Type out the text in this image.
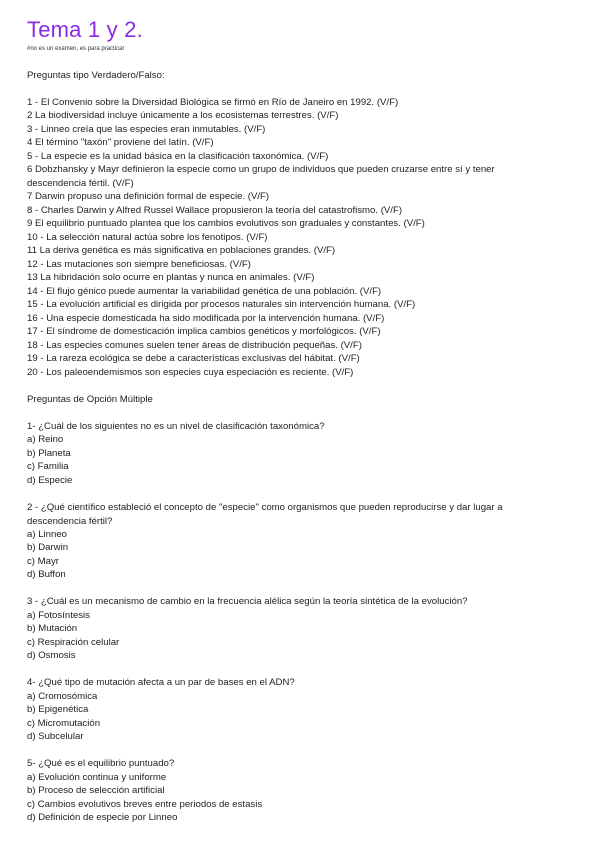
Tema 1 y 2.
#no es un examen, es para practicar
Preguntas tipo Verdadero/Falso:
1 - El Convenio sobre la Diversidad Biológica se firmó en Río de Janeiro en 1992. (V/F)
2 La biodiversidad incluye únicamente a los ecosistemas terrestres. (V/F)
3 - Linneo creía que las especies eran inmutables. (V/F)
4 El término "taxón" proviene del latín. (V/F)
5 - La especie es la unidad básica en la clasificación taxonómica. (V/F)
6 Dobzhansky y Mayr definieron la especie como un grupo de individuos que pueden cruzarse entre sí y tener descendencia fértil. (V/F)
7 Darwin propuso una definición formal de especie. (V/F)
8 - Charles Darwin y Alfred Russel Wallace propusieron la teoría del catastrofismo. (V/F)
9 El equilibrio puntuado plantea que los cambios evolutivos son graduales y constantes. (V/F)
10 - La selección natural actúa sobre los fenotipos. (V/F)
11 La deriva genética es más significativa en poblaciones grandes. (V/F)
12 - Las mutaciones son siempre beneficiosas. (V/F)
13 La hibridación solo ocurre en plantas y nunca en animales. (V/F)
14 - El flujo génico puede aumentar la variabilidad genética de una población. (V/F)
15 - La evolución artificial es dirigida por procesos naturales sin intervención humana. (V/F)
16 - Una especie domesticada ha sido modificada por la intervención humana. (V/F)
17 - El síndrome de domesticación implica cambios genéticos y morfológicos. (V/F)
18 - Las especies comunes suelen tener áreas de distribución pequeñas. (V/F)
19 - La rareza ecológica se debe a características exclusivas del hábitat. (V/F)
20 - Los paleoendemismos son especies cuya especiación es reciente. (V/F)
Preguntas de Opción Múltiple
1- ¿Cuál de los siguientes no es un nivel de clasificación taxonómica?
a) Reino
b) Planeta
c) Familia
d) Especie
2 - ¿Qué científico estableció el concepto de "especie" como organismos que pueden reproducirse y dar lugar a descendencia fértil?
a) Linneo
b) Darwin
c) Mayr
d) Buffon
3 - ¿Cuál es un mecanismo de cambio en la frecuencia alélica según la teoría sintética de la evolución?
a) Fotosíntesis
b) Mutación
c) Respiración celular
d) Osmosis
4- ¿Qué tipo de mutación afecta a un par de bases en el ADN?
a) Cromosómica
b) Epigenética
c) Micromutación
d) Subcelular
5- ¿Qué es el equilibrio puntuado?
a) Evolución continua y uniforme
b) Proceso de selección artificial
c) Cambios evolutivos breves entre periodos de estasis
d) Definición de especie por Linneo
